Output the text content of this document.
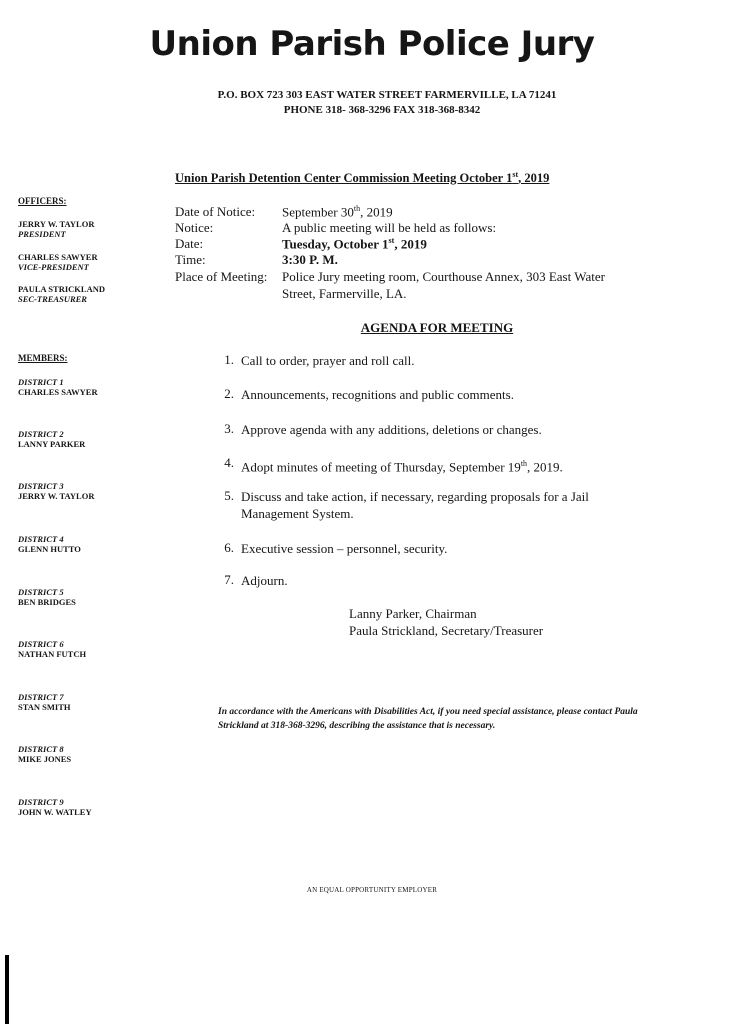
Union Parish Police Jury
P.O. BOX 723 303 EAST WATER STREET FARMERVILLE, LA 71241
PHONE 318- 368-3296 FAX 318-368-8342
Union Parish Detention Center Commission Meeting October 1st, 2019
OFFICERS:
JERRY W. TAYLOR
PRESIDENT
CHARLES SAWYER
VICE-PRESIDENT
PAULA STRICKLAND
SEC-TREASURER
MEMBERS:
DISTRICT 1
CHARLES SAWYER
DISTRICT 2
LANNY PARKER
DISTRICT 3
JERRY W. TAYLOR
DISTRICT 4
GLENN HUTTO
DISTRICT 5
BEN BRIDGES
DISTRICT 6
NATHAN FUTCH
DISTRICT 7
STAN SMITH
DISTRICT 8
MIKE JONES
DISTRICT 9
JOHN W. WATLEY
Date of Notice: September 30th, 2019
Notice:	A public meeting will be held as follows:
Date:	Tuesday, October 1st, 2019
Time:	3:30 P. M.
Place of Meeting: Police Jury meeting room, Courthouse Annex, 303 East Water
Street, Farmerville, LA.
AGENDA FOR MEETING
1. Call to order, prayer and roll call.
2. Announcements, recognitions and public comments.
3. Approve agenda with any additions, deletions or changes.
4. Adopt minutes of meeting of Thursday, September 19th, 2019.
5. Discuss and take action, if necessary, regarding proposals for a Jail Management System.
6. Executive session – personnel, security.
7. Adjourn.
Lanny Parker, Chairman
Paula Strickland, Secretary/Treasurer
In accordance with the Americans with Disabilities Act, if you need special assistance, please contact Paula Strickland at 318-368-3296, describing the assistance that is necessary.
AN EQUAL OPPORTUNITY EMPLOYER
